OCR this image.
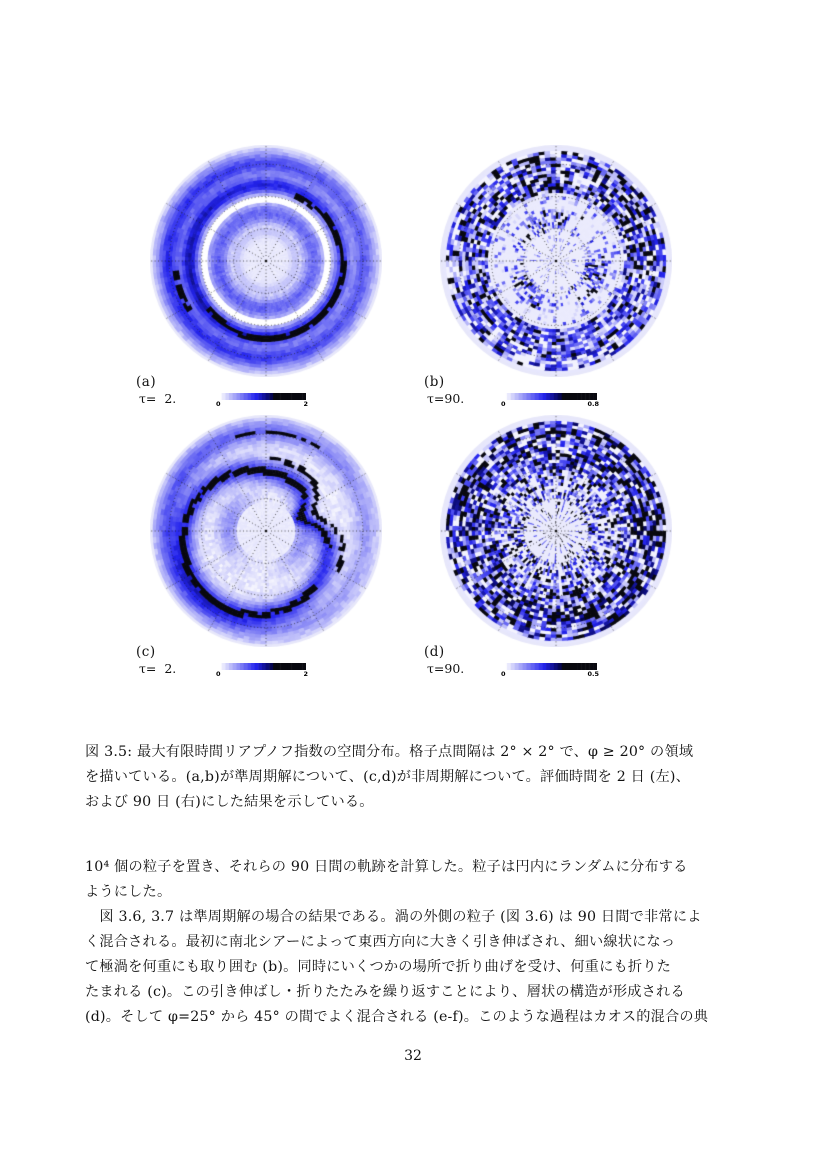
(a)
τ=  2.	0	2
(b)
τ=90.	0	0.8
(c)
τ=  2.	0	2
(d)
τ=90.	0	0.5
図 3.5: 最大有限時間リアプノフ指数の空間分布。格子点間隔は 2° × 2° で、φ ≥ 20° の領域
を描いている。(a,b)が準周期解について、(c,d)が非周期解について。評価時間を 2 日 (左)、
および 90 日 (右)にした結果を示している。
10⁴ 個の粒子を置き、それらの 90 日間の軌跡を計算した。粒子は円内にランダムに分布する
ようにした。
　図 3.6, 3.7 は準周期解の場合の結果である。渦の外側の粒子 (図 3.6) は 90 日間で非常によ
く混合される。最初に南北シアーによって東西方向に大きく引き伸ばされ、細い線状になっ
て極渦を何重にも取り囲む (b)。同時にいくつかの場所で折り曲げを受け、何重にも折りた
たまれる (c)。この引き伸ばし・折りたたみを繰り返すことにより、層状の構造が形成される
(d)。そして φ=25° から 45° の間でよく混合される (e-f)。このような過程はカオス的混合の典
32
